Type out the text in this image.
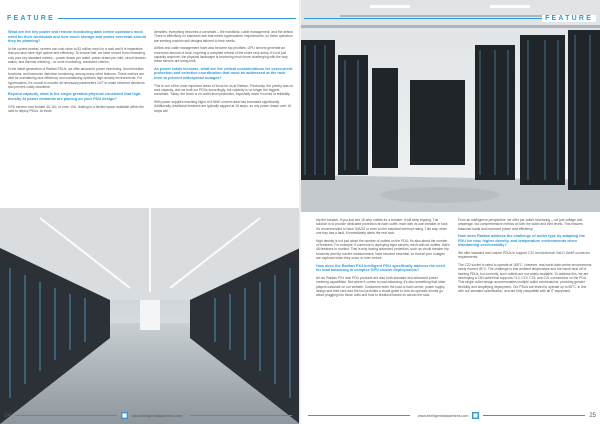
FEATURE
What are the key power and remote monitoring data centre operators most need for their workloads and how much storage and power overhead should they be planning?

In the current market, servers can cost close to $1 million each for a rack and it is imperative that you also have high uptime and efficiency. To ensure that, we have moved from measuring only your key standard metrics – power drawn per outlet, power drawn per inlet, circuit breaker status, and thermal metering – to more monitoring, advanced metrics.

In the latest generation of Raritan PDUs, we offer advanced power monitoring, circuit breaker functions, and harmonic distortion monitoring, among many other features. These metrics are vital for maintaining rack efficiency and maintaining optimum high-density environments. For hyperscalers, it's crucial to monitor all necessary parameters 24/7 to make informed decisions and prevent costly downtime.

Beyond capacity, what is the single greatest physical constraint that high-density AI power demands are placing on your PDU design?

GPU servers now include 4U, 8U, or even 10U, leading to a limited space available within the rack to deploy PDUs. At those

densities, everything becomes a constraint – the manifolds, cable management, and the airflow. There is effectively no standard rack that meets hyperscalers' requirements, so these operators are seeking custom rack designs tailored to their needs.

Airflow and cable management have also become top priorities. GPU servers generate an enormous amount of heat, requiring a complete rethink of the entire rack setup. It's not just capacity anymore; the physical landscape is becoming much more challenging with the way these servers are being built.

As power loads increase, what are the critical considerations for overcurrent protection and selective coordination that must be addressed at the rack level to prevent widespread outages?

This is one of the most important areas of focus for us at Raritan. Previously, the priority was on rack capacity, and we built our PDUs accordingly, but capacity is no longer the biggest constraint. Today, the focus is on outlet-level protection, especially when it comes to reliability.

With power supplies reaching highs of 5.5kW, current draw has increased significantly. Additionally, traditional breakers are typically capped at 16 amps, so any power drawn over 16 amps will

24	www.intelligentdatacentres.com
FEATURE

trip the breaker. If you just see 16 amp outlets for a breaker, it will keep tripping. The solution is to provide dedicated protection at each outlet, each with its own breaker or fuse. It's recommended to have 30A/32 or even so the standard interrupt rating. This way, when one tray has a fault, it immediately alerts the rest rack.

High density is not just about the number of outlets on the PDU; it's also about the number of breakers. For example, if someone is deploying eight servers, each with six outlets, that's 48 breakers to monitor. That is why having advanced protection, such as circuit breaker trip functions and trip current measurement, have become essential, so that all your outages are captured when they occur or even before.

How does the Raritan PX4 intelligent PDU specifically address the need for load balancing in complex GPU cluster deployments?

All our Raritan PX4 rack PDU products are also both standard and advanced power metering capabilities. But where it comes to load balancing, it's also something that other players calculate on our website. Customers enter the load of each server, power supply design and their rack and the tool provides a visual guide to how an operator should go about plugging into those units and how to breakout based on across the rack.

From an intelligence perspective, we offer per-outlet monitoring – not just voltage and amperage, but comprehensive metrics at both the outlet and inlet levels. This ensures balanced loads and improved power cost efficiency.

How does Raritan address the challenge of outlet type by adapting the PDU for new, higher-density, and temperature environments when maintaining serviceability?

We offer standard and custom PDUs to support C22 and Anderson Saf-D-Grid® connector requirements.

The C22 socket is rated to operate at 185°C. However, real-world data centre environments rarely exceed 45°C. The challenge is that ambient temperature and the harsh heat off of training PDUs, but currently, such outlets are not widely available. To address this, we are developing a C84 outlet that supports C13, C19, C15, and C21 connections on the PDU. This single outlet design accommodates multiple outlet combinations, providing greater flexibility and simplifying deployment. Our PDUs are tested to operate up to 65°C, in line with our standard specification, and are fully compatible with all IT equipment.

www.intelligentdatacentres.com	25
